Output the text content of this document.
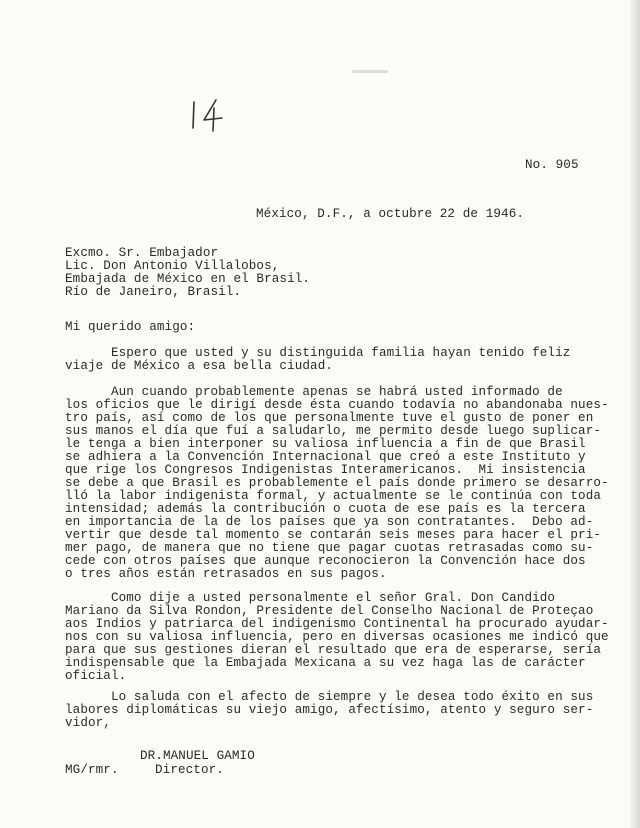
No. 905
México, D.F., a octubre 22 de 1946.
Excmo. Sr. Embajador
Lic. Don Antonio Villalobos,
Embajada de México en el Brasil.
Río de Janeiro, Brasil.
Mi querido amigo:
Espero que usted y su distinguida familia hayan tenido feliz
viaje de México a esa bella ciudad.
Aun cuando probablemente apenas se habrá usted informado de
los oficios que le dirigí desde ésta cuando todavía no abandonaba nues-
tro país, así como de los que personalmente tuve el gusto de poner en
sus manos el día que fuí a saludarlo, me permito desde luego suplicar-
le tenga a bien interponer su valiosa influencia a fin de que Brasil
se adhiera a la Convención Internacional que creó a este Instituto y
que rige los Congresos Indigenistas Interamericanos.  Mi insistencia
se debe a que Brasil es probablemente el país donde primero se desarro-
lló la labor indigenista formal, y actualmente se le continúa con toda
intensidad; además la contribución o cuota de ese país es la tercera
en importancia de la de los países que ya son contratantes.  Debo ad-
vertir que desde tal momento se contarán seis meses para hacer el pri-
mer pago, de manera que no tiene que pagar cuotas retrasadas como su-
cede con otros países que aunque reconocieron la Convención hace dos
o tres años están retrasados en sus pagos.
Como dije a usted personalmente el señor Gral. Don Candido
Mariano da Silva Rondon, Presidente del Conselho Nacional de Proteçao
aos Indios y patriarca del indigenismo Continental ha procurado ayudar-
nos con su valiosa influencia, pero en diversas ocasiones me indicó que
para que sus gestiones dieran el resultado que era de esperarse, sería
indispensable que la Embajada Mexicana a su vez haga las de carácter
oficial.
Lo saluda con el afecto de siempre y le desea todo éxito en sus
labores diplomáticas su viejo amigo, afectísimo, atento y seguro ser-
vidor,
DR.MANUEL GAMIO
MG/rmr.	Director.
